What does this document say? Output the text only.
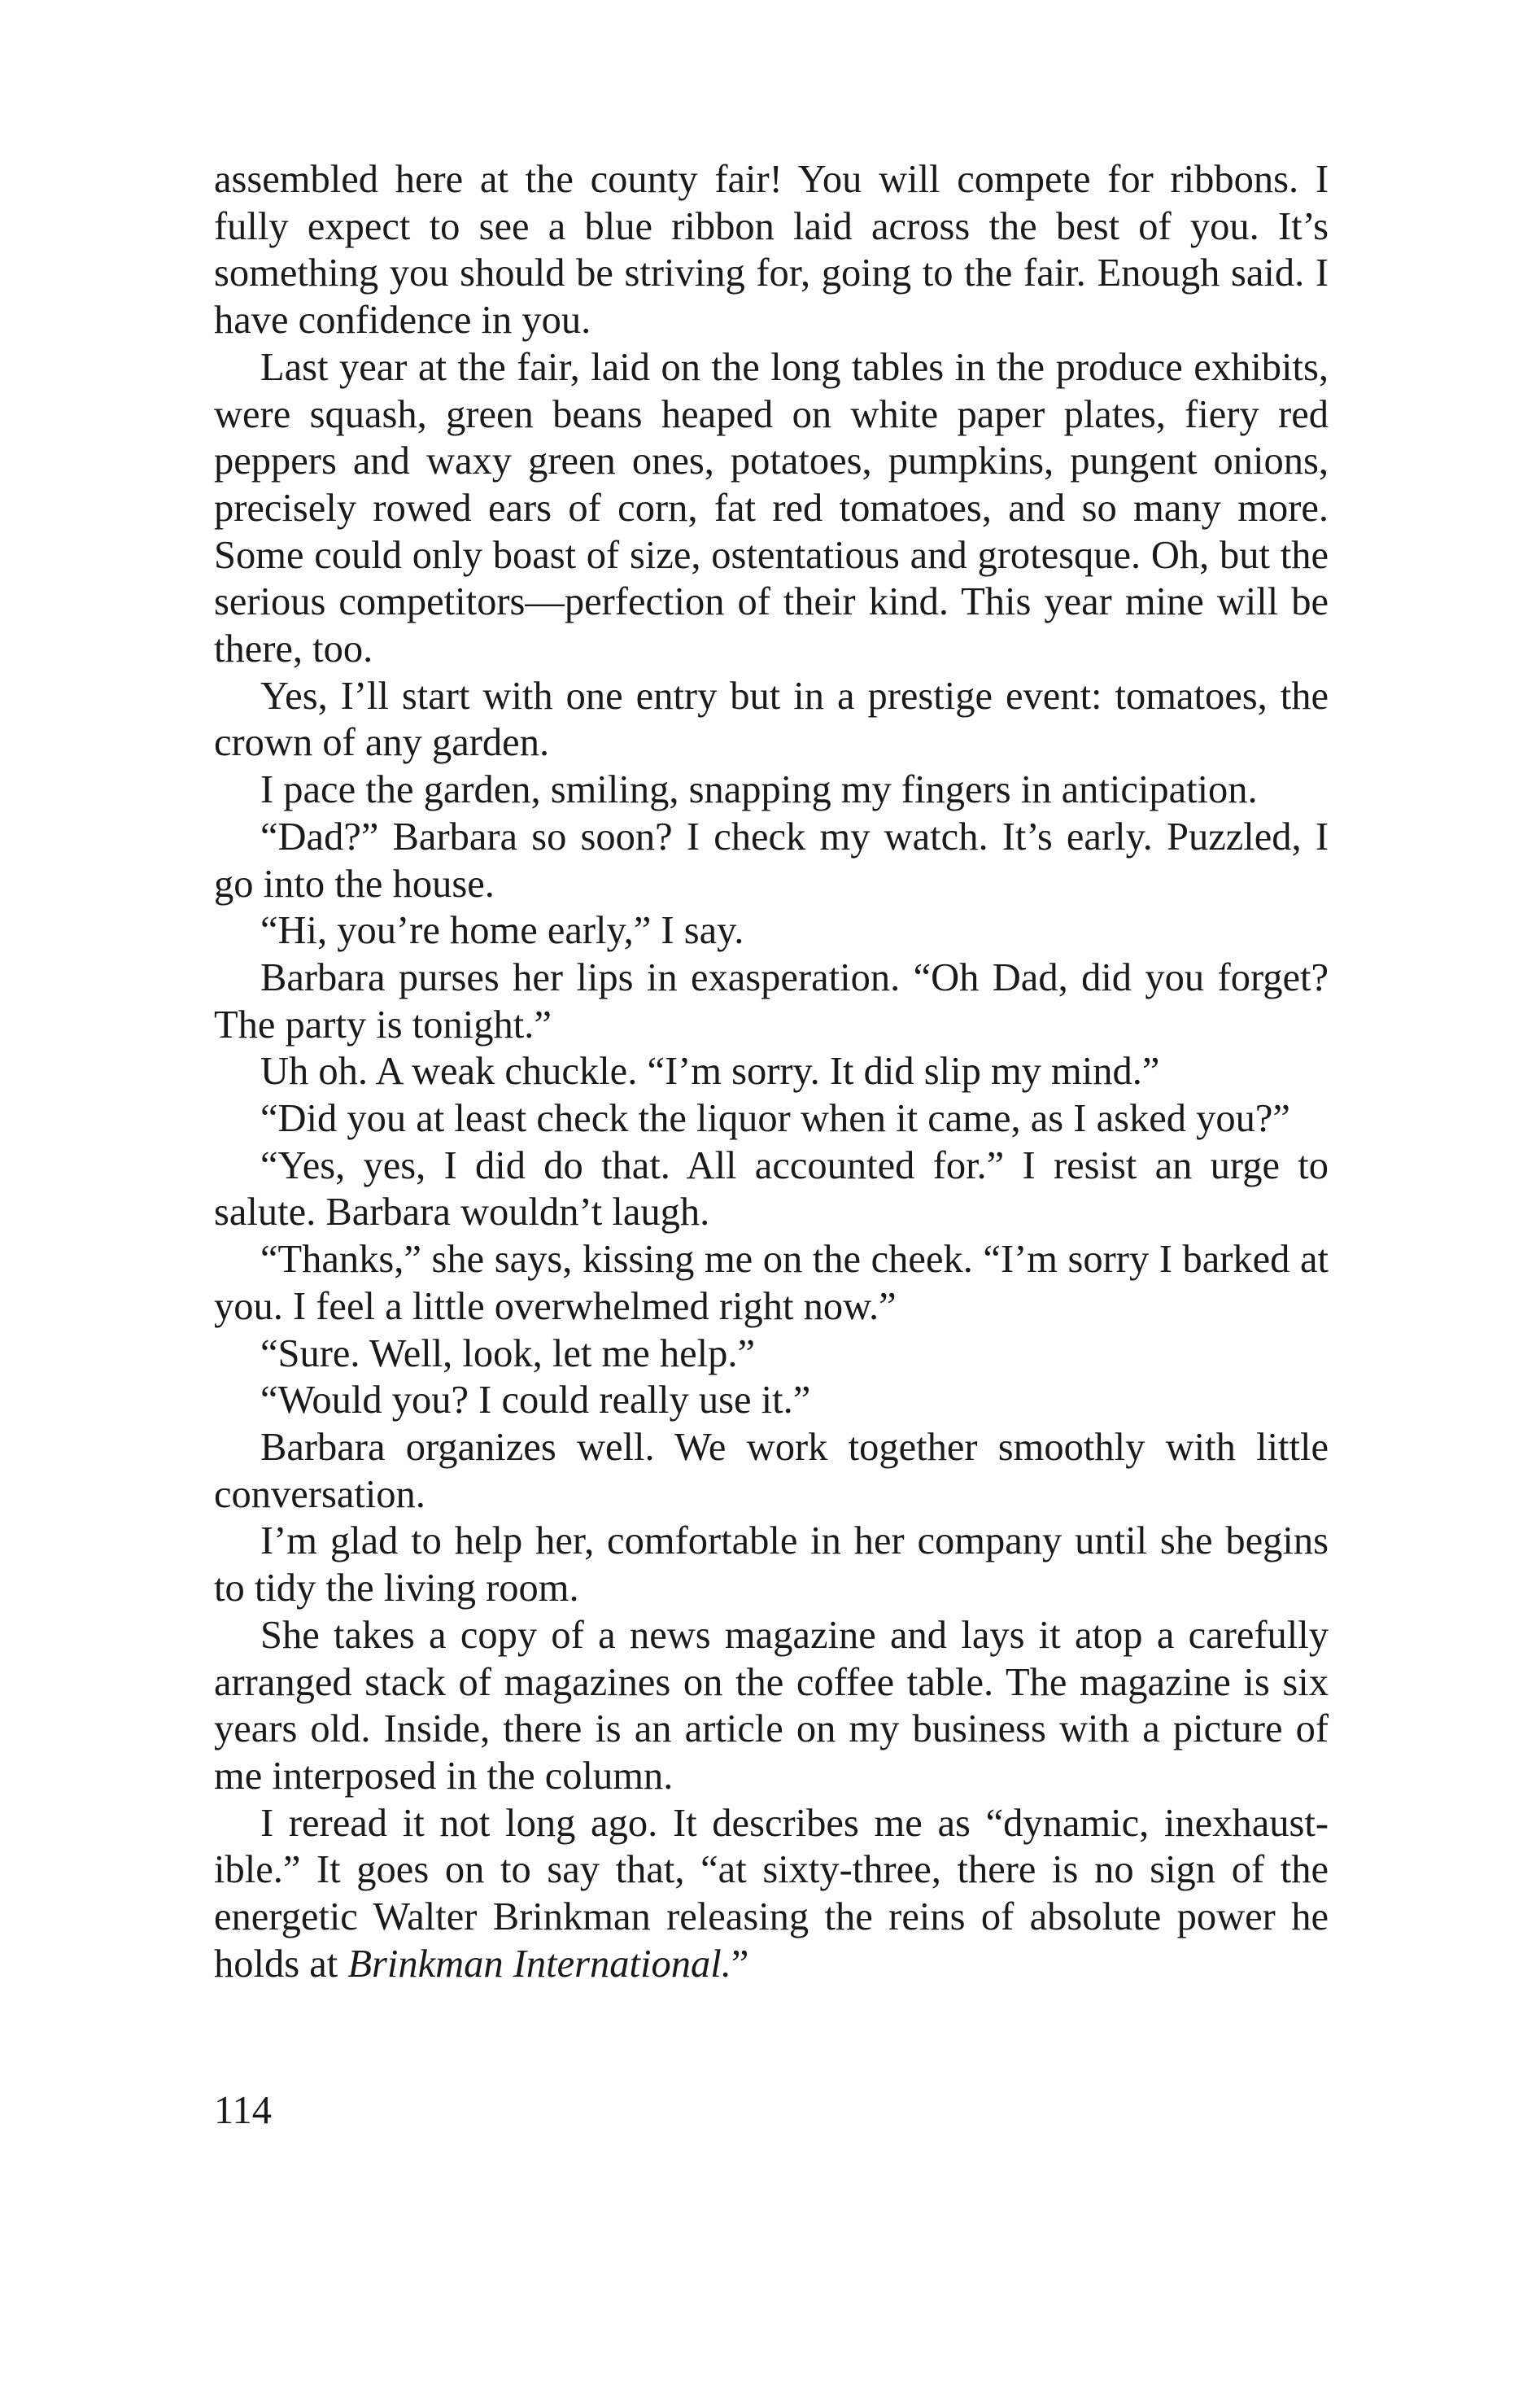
assembled here at the county fair! You will compete for ribbons. I fully expect to see a blue ribbon laid across the best of you. It’s something you should be striving for, going to the fair. Enough said. I have confidence in you.

Last year at the fair, laid on the long tables in the produce exhibits, were squash, green beans heaped on white paper plates, fiery red peppers and waxy green ones, potatoes, pumpkins, pungent onions, precisely rowed ears of corn, fat red tomatoes, and so many more. Some could only boast of size, ostentatious and grotesque. Oh, but the serious competitors—perfection of their kind. This year mine will be there, too.

Yes, I’ll start with one entry but in a prestige event: tomatoes, the crown of any garden.

I pace the garden, smiling, snapping my fingers in anticipation.

“Dad?” Barbara so soon? I check my watch. It’s early. Puzzled, I go into the house.

“Hi, you’re home early,” I say.

Barbara purses her lips in exasperation. “Oh Dad, did you forget? The party is tonight.”

Uh oh. A weak chuckle. “I’m sorry. It did slip my mind.”

“Did you at least check the liquor when it came, as I asked you?”

“Yes, yes, I did do that. All accounted for.” I resist an urge to salute. Barbara wouldn’t laugh.

“Thanks,” she says, kissing me on the cheek. “I’m sorry I barked at you. I feel a little overwhelmed right now.”

“Sure. Well, look, let me help.”

“Would you? I could really use it.”

Barbara organizes well. We work together smoothly with little conversation.

I’m glad to help her, comfortable in her company until she begins to tidy the living room.

She takes a copy of a news magazine and lays it atop a carefully arranged stack of magazines on the coffee table. The magazine is six years old. Inside, there is an article on my business with a picture of me interposed in the column.

I reread it not long ago. It describes me as “dynamic, inexhaustible.” It goes on to say that, “at sixty-three, there is no sign of the energetic Walter Brinkman releasing the reins of absolute power he holds at Brinkman International.”

114
